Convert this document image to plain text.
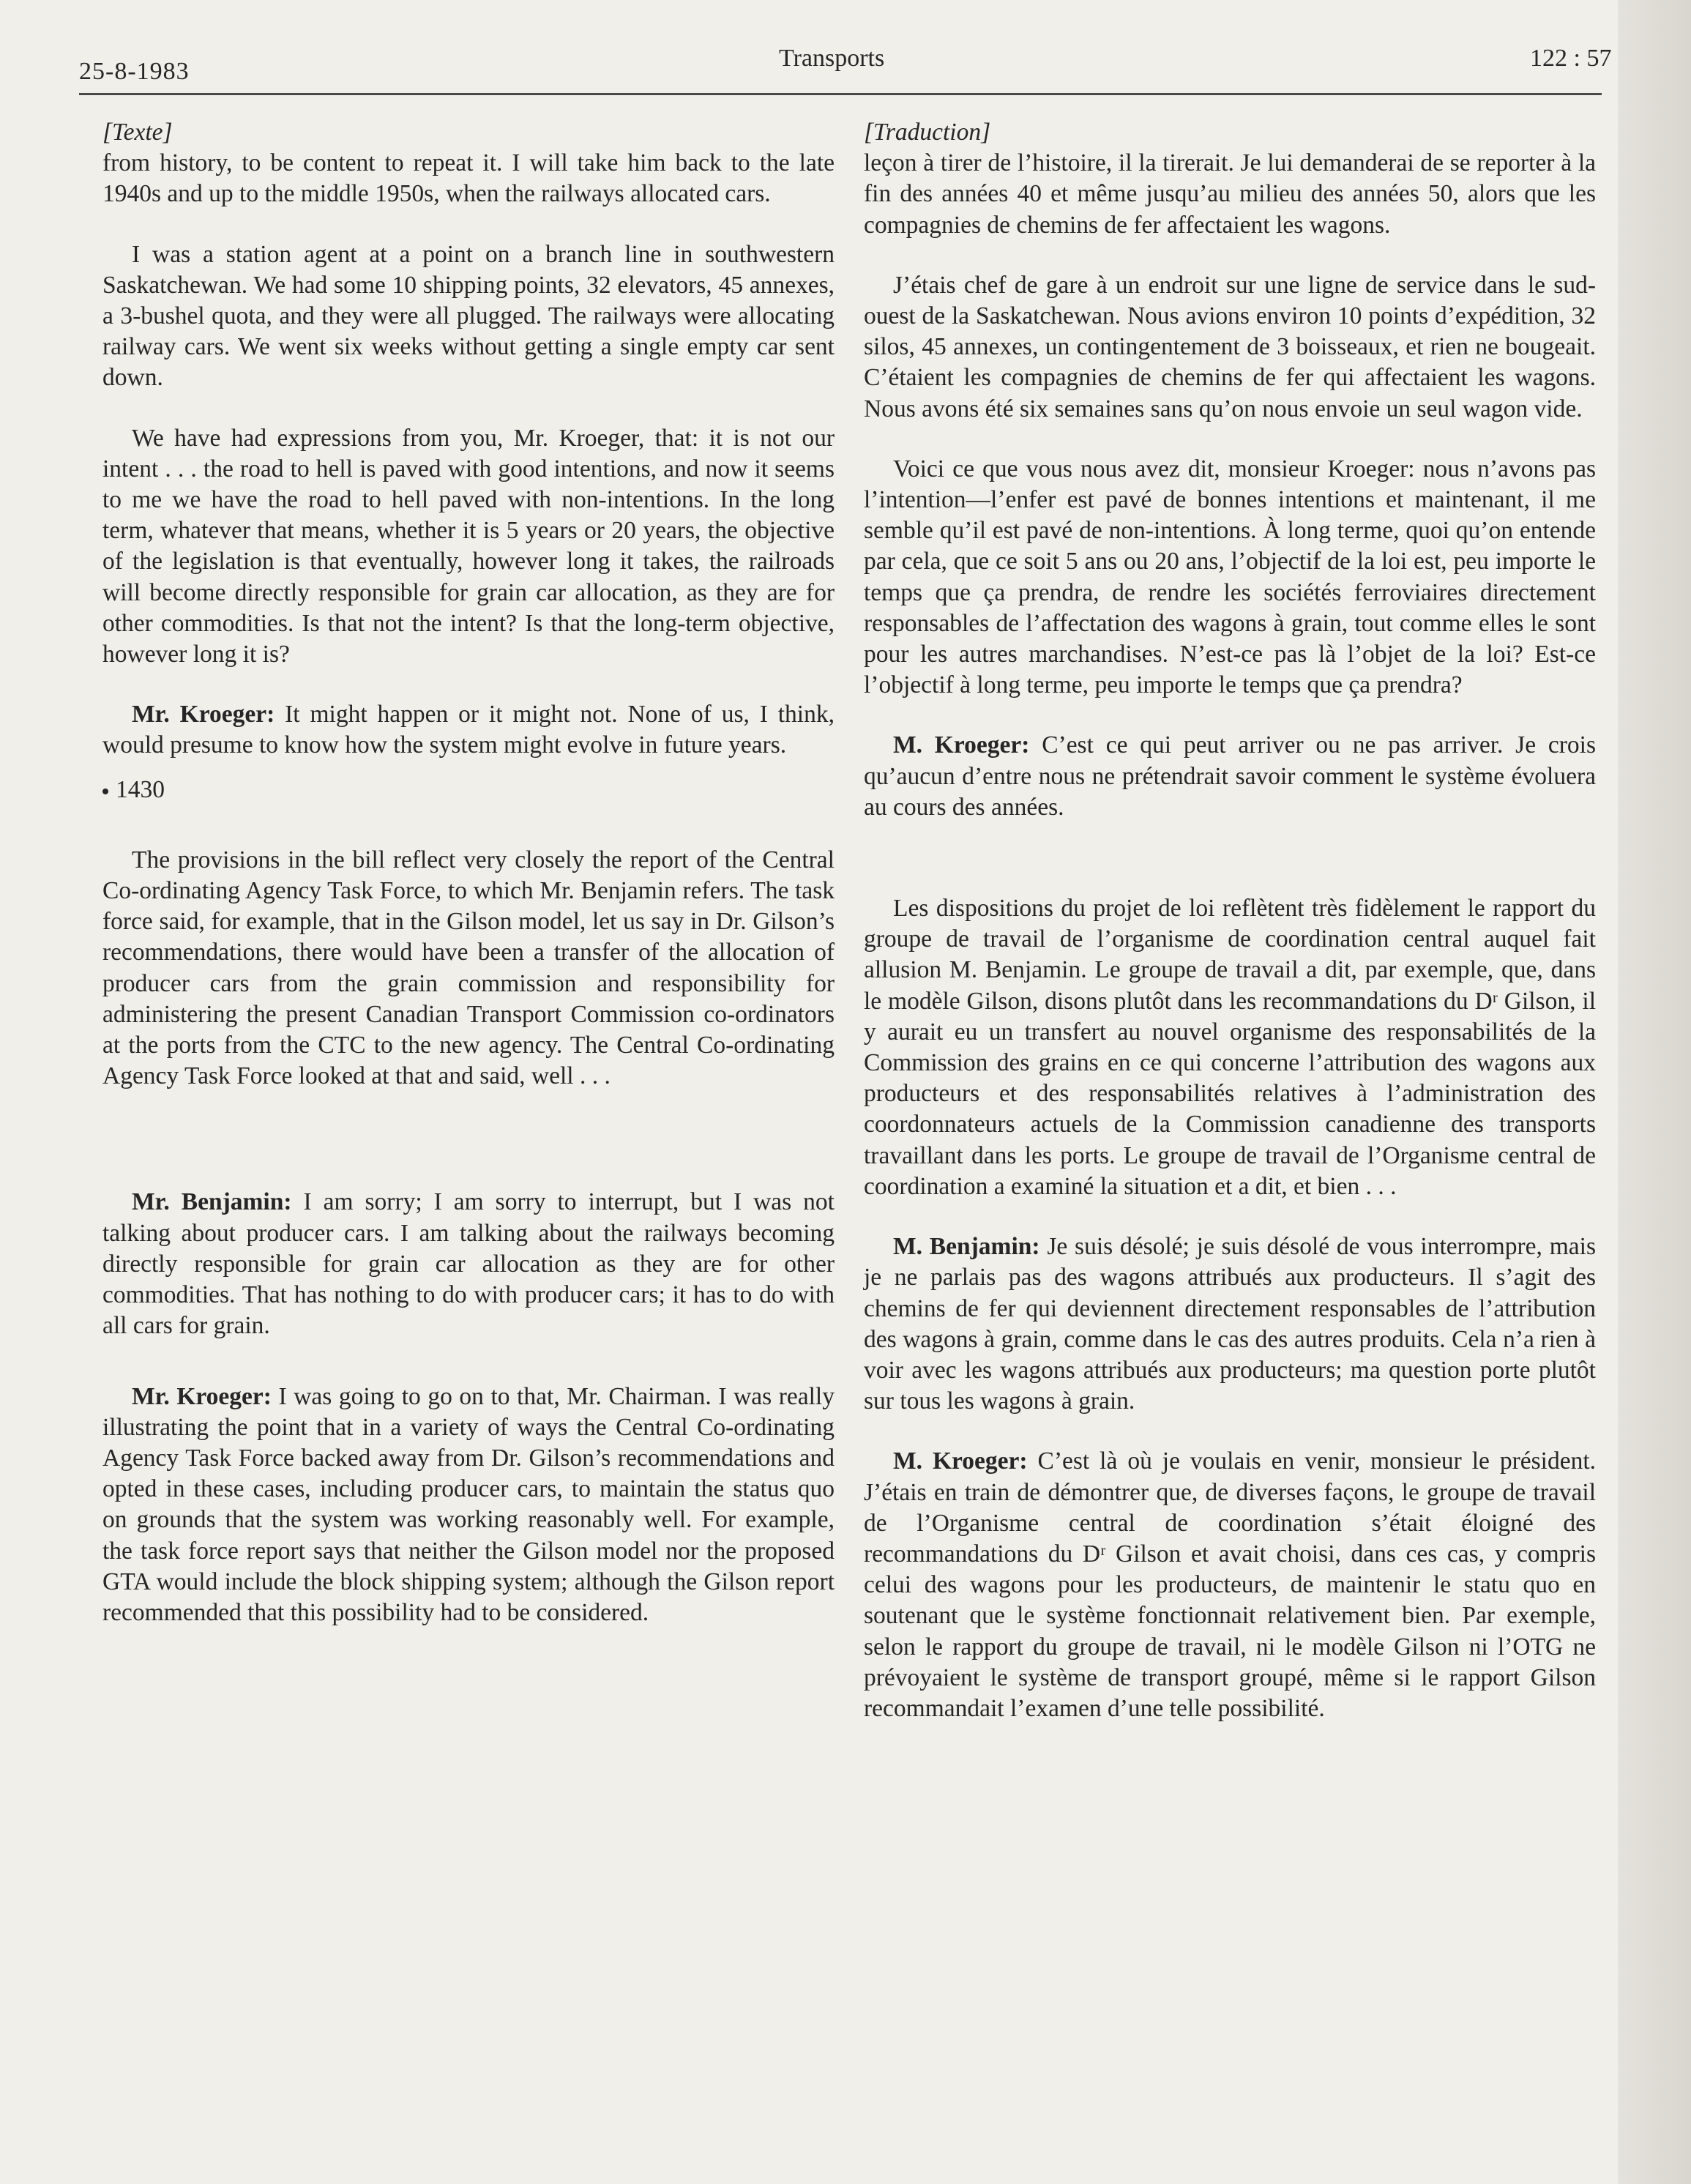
25-8-1983	Transports	122 : 57

[Texte]

from history, to be content to repeat it. I will take him back to the late 1940s and up to the middle 1950s, when the railways allocated cars.

I was a station agent at a point on a branch line in southwestern Saskatchewan. We had some 10 shipping points, 32 elevators, 45 annexes, a 3-bushel quota, and they were all plugged. The railways were allocating railway cars. We went six weeks without getting a single empty car sent down.

We have had expressions from you, Mr. Kroeger, that: it is not our intent . . . the road to hell is paved with good intentions, and now it seems to me we have the road to hell paved with non-intentions. In the long term, whatever that means, whether it is 5 years or 20 years, the objective of the legislation is that eventually, however long it takes, the railroads will become directly responsible for grain car allocation, as they are for other commodities. Is that not the intent? Is that the long-term objective, however long it is?

Mr. Kroeger: It might happen or it might not. None of us, I think, would presume to know how the system might evolve in future years.

1430

The provisions in the bill reflect very closely the report of the Central Co-ordinating Agency Task Force, to which Mr. Benjamin refers. The task force said, for example, that in the Gilson model, let us say in Dr. Gilson’s recommendations, there would have been a transfer of the allocation of producer cars from the grain commission and responsibility for administering the present Canadian Transport Commission co-ordinators at the ports from the CTC to the new agency. The Central Co-ordinating Agency Task Force looked at that and said, well . . .

Mr. Benjamin: I am sorry; I am sorry to interrupt, but I was not talking about producer cars. I am talking about the railways becoming directly responsible for grain car allocation as they are for other commodities. That has nothing to do with producer cars; it has to do with all cars for grain.

Mr. Kroeger: I was going to go on to that, Mr. Chairman. I was really illustrating the point that in a variety of ways the Central Co-ordinating Agency Task Force backed away from Dr. Gilson’s recommendations and opted in these cases, including producer cars, to maintain the status quo on grounds that the system was working reasonably well. For example, the task force report says that neither the Gilson model nor the proposed GTA would include the block shipping system; although the Gilson report recommended that this possibility had to be considered.

[Traduction]

leçon à tirer de l’histoire, il la tirerait. Je lui demanderai de se reporter à la fin des années 40 et même jusqu’au milieu des années 50, alors que les compagnies de chemins de fer affectaient les wagons.

J’étais chef de gare à un endroit sur une ligne de service dans le sud-ouest de la Saskatchewan. Nous avions environ 10 points d’expédition, 32 silos, 45 annexes, un contingentement de 3 boisseaux, et rien ne bougeait. C’étaient les compagnies de chemins de fer qui affectaient les wagons. Nous avons été six semaines sans qu’on nous envoie un seul wagon vide.

Voici ce que vous nous avez dit, monsieur Kroeger: nous n’avons pas l’intention—l’enfer est pavé de bonnes intentions et maintenant, il me semble qu’il est pavé de non-intentions. À long terme, quoi qu’on entende par cela, que ce soit 5 ans ou 20 ans, l’objectif de la loi est, peu importe le temps que ça prendra, de rendre les sociétés ferroviaires directement responsables de l’affectation des wagons à grain, tout comme elles le sont pour les autres marchandises. N’est-ce pas là l’objet de la loi? Est-ce l’objectif à long terme, peu importe le temps que ça prendra?

M. Kroeger: C’est ce qui peut arriver ou ne pas arriver. Je crois qu’aucun d’entre nous ne prétendrait savoir comment le système évoluera au cours des années.

Les dispositions du projet de loi reflètent très fidèlement le rapport du groupe de travail de l’organisme de coordination central auquel fait allusion M. Benjamin. Le groupe de travail a dit, par exemple, que, dans le modèle Gilson, disons plutôt dans les recommandations du Dʳ Gilson, il y aurait eu un transfert au nouvel organisme des responsabilités de la Commission des grains en ce qui concerne l’attribution des wagons aux producteurs et des responsabilités relatives à l’administration des coordonnateurs actuels de la Commission canadienne des transports travaillant dans les ports. Le groupe de travail de l’Organisme central de coordination a examiné la situation et a dit, et bien . . .

M. Benjamin: Je suis désolé; je suis désolé de vous interrompre, mais je ne parlais pas des wagons attribués aux producteurs. Il s’agit des chemins de fer qui deviennent directement responsables de l’attribution des wagons à grain, comme dans le cas des autres produits. Cela n’a rien à voir avec les wagons attribués aux producteurs; ma question porte plutôt sur tous les wagons à grain.

M. Kroeger: C’est là où je voulais en venir, monsieur le président. J’étais en train de démontrer que, de diverses façons, le groupe de travail de l’Organisme central de coordination s’était éloigné des recommandations du Dʳ Gilson et avait choisi, dans ces cas, y compris celui des wagons pour les producteurs, de maintenir le statu quo en soutenant que le système fonctionnait relativement bien. Par exemple, selon le rapport du groupe de travail, ni le modèle Gilson ni l’OTG ne prévoyaient le système de transport groupé, même si le rapport Gilson recommandait l’examen d’une telle possibilité.
